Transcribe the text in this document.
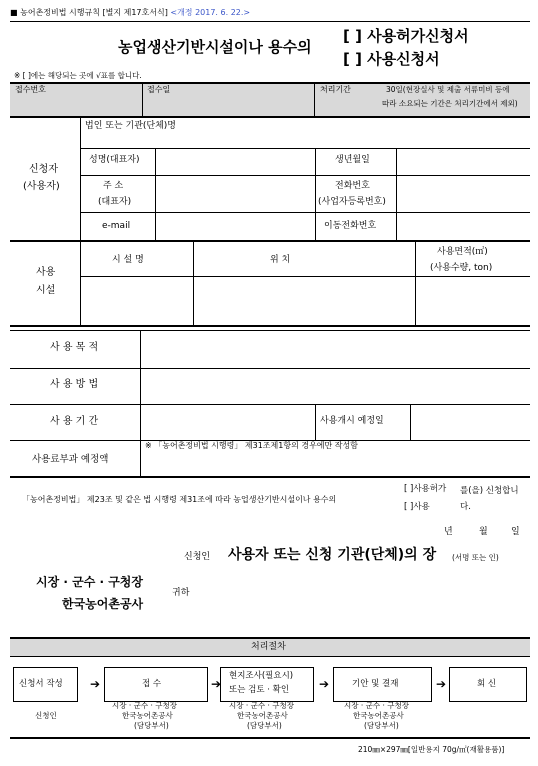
■ 농어촌정비법 시행규칙 [별지 제17호서식] <개정 2017. 6. 22.>
농업생산기반시설이나 용수의
[ ] 사용허가신청서
[ ] 사용신청서
※ [ ]에는 해당되는 곳에 √표를 합니다.
접수번호	접수일	처리기간	30일(현장실사 및 제출 서류미비 등에
따라 소요되는 기간은 처리기간에서 제외)
신청자
(사용자)
법인 또는 기관(단체)명
성명(대표자)	생년월일
주 소
(대표자)
전화번호
(사업자등록번호)
e-mail	이동전화번호
사용
시설
시 설 명	위 치
사용면적(㎡)
(사용수량, ton)
사 용 목 적
사 용 방 법
사 용 기 간	사용개시 예정일
사용료부과 예정액
※ 「농어촌정비법 시행령」 제31조제1항의 경우에만 작성함
「농어촌정비법」 제23조 및 같은 법 시행령 제31조에 따라 농업생산기반시설이나 용수의
[ ]사용허가
[ ]사용
를(을) 신청합니
다.
년	월	일
신청인 사용자 또는 신청 기관(단체)의 장 (서명 또는 인)
시장 · 군수 · 구청장
한국농어촌공사
귀하
처리절차
신청서 작성
신청인
➔	접 수
시장 · 군수 · 구청장
한국농어촌공사
(담당부서)
➔
현지조사(필요시)
또는 검토 · 확인
시장 · 군수 · 구청장
한국농어촌공사
(담당부서)
➔	기안 및 결재
시장 · 군수 · 구청장
한국농어촌공사
(담당부서)
➔	회 신
210㎜×297㎜[일반용지 70g/㎡(재활용품)]
